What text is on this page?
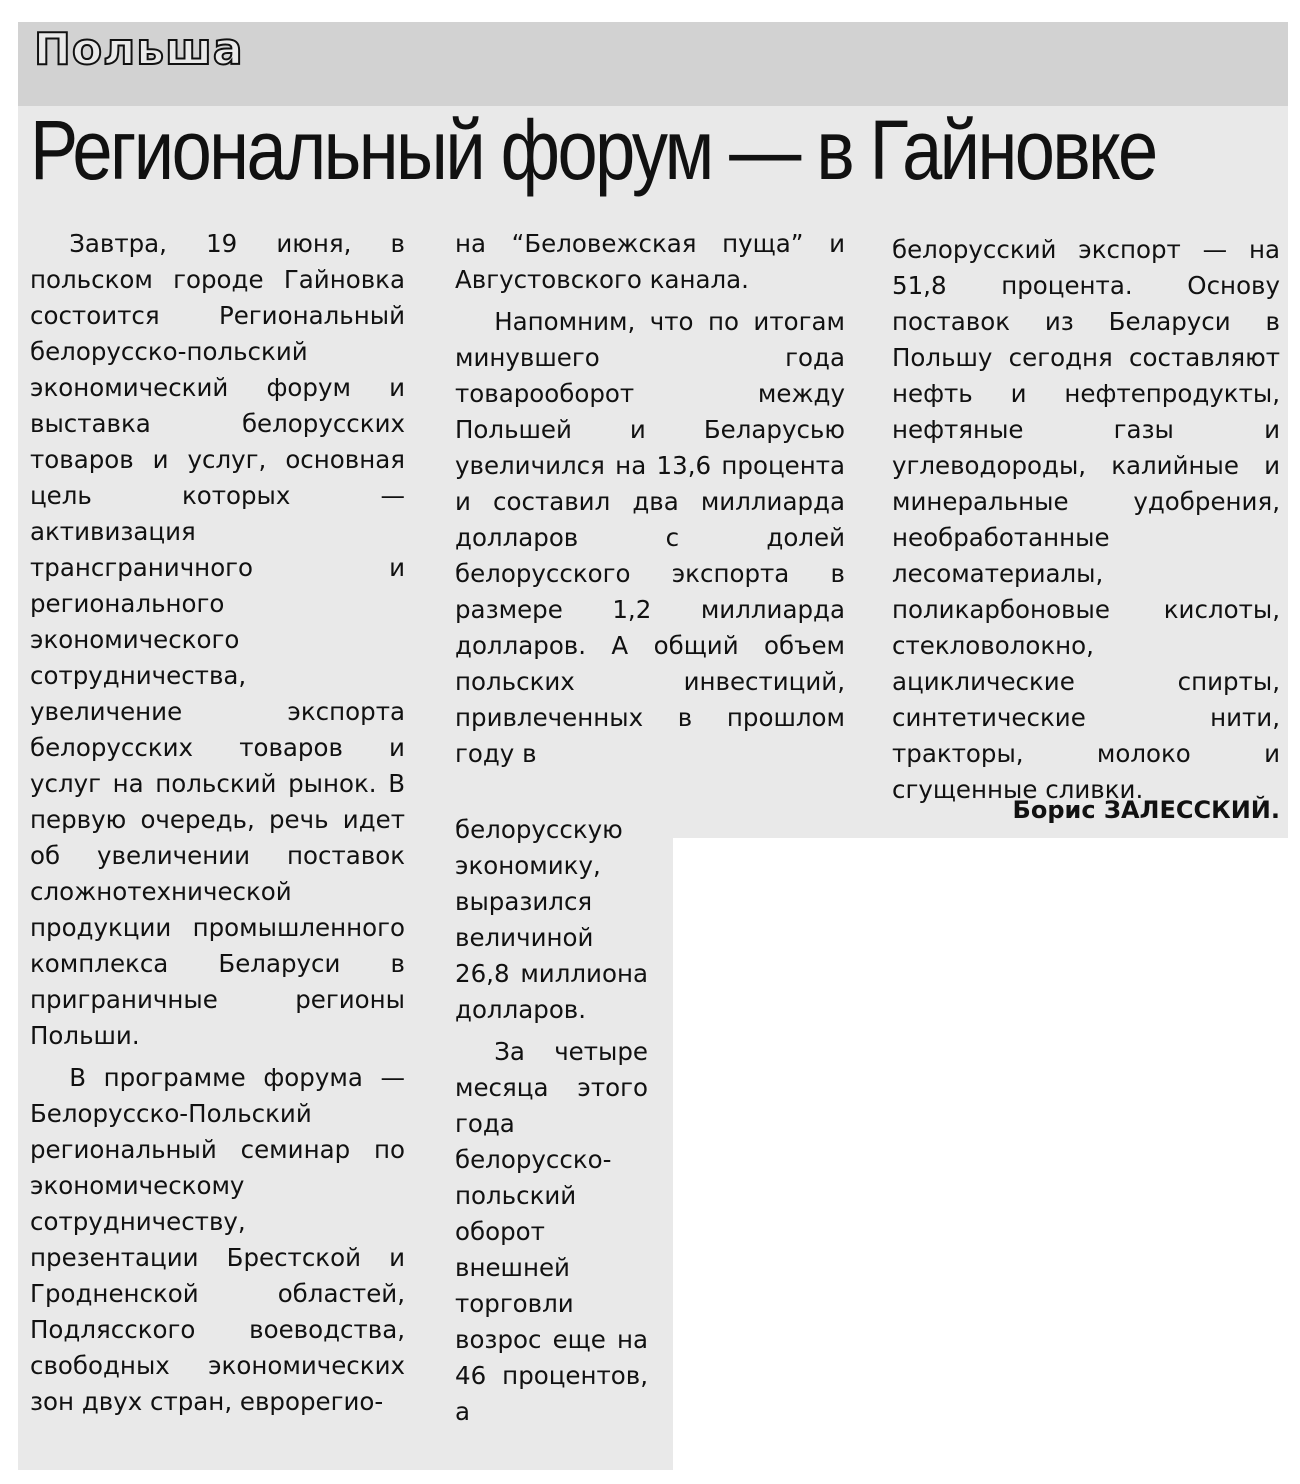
Польша
Региональный форум — в Гайновке

Завтра, 19 июня, в польском городе Гайновка состоится Региональный белорусско-польский экономический форум и выставка белорусских товаров и услуг, основная цель которых — активизация трансграничного и регионального экономического сотрудничества, увеличение экспорта белорусских товаров и услуг на польский рынок. В первую очередь, речь идет об увеличении поставок сложнотехнической продукции промышленного комплекса Беларуси в приграничные регионы Польши.

В программе форума — Белорусско-Польский региональный семинар по экономическому сотрудничеству, презентации Брестской и Гродненской областей, Подлясского воеводства, свободных экономических зон двух стран, еврорегио-

на “Беловежская пуща” и Августовского канала.

Напомним, что по итогам минувшего года товарооборот между Польшей и Беларусью увеличился на 13,6 процента и составил два миллиарда долларов с долей белорусского экспорта в размере 1,2 миллиарда долларов. А общий объем польских инвестиций, привлеченных в прошлом году в

белорусскую экономику, выразился величиной 26,8 миллиона долларов.

За четыре месяца этого года белорусско-польский оборот внешней торговли возрос еще на 46 процентов, а

белорусский экспорт — на 51,8 процента. Основу поставок из Беларуси в Польшу сегодня составляют нефть и нефтепродукты, нефтяные газы и углеводороды, калийные и минеральные удобрения, необработанные лесоматериалы, поликарбоновые кислоты, стекловолокно, ациклические спирты, синтетические нити, тракторы, молоко и сгущенные сливки.

Борис ЗАЛЕССКИЙ.
